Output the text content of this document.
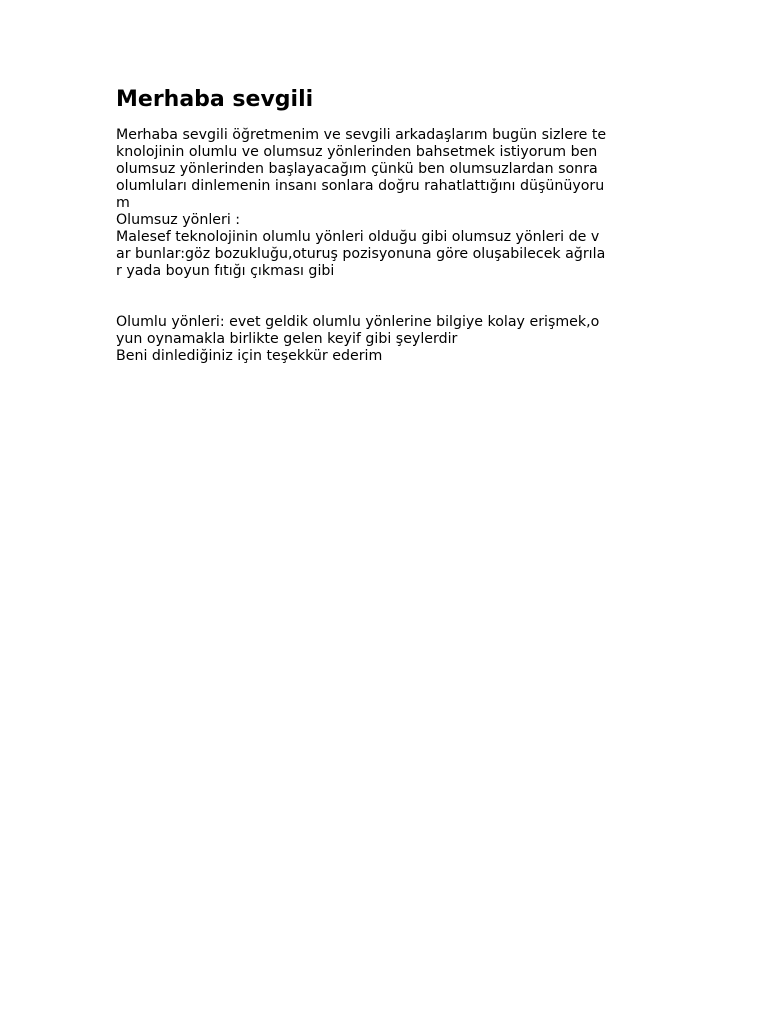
Merhaba sevgili

Merhaba sevgili öğretmenim ve sevgili arkadaşlarım bugün sizlere te

knolojinin olumlu ve olumsuz yönlerinden bahsetmek istiyorum ben

olumsuz yönlerinden başlayacağım çünkü ben olumsuzlardan sonra

olumluları dinlemenin insanı sonlara doğru rahatlattığını düşünüyoru

m

Olumsuz yönleri :

Malesef teknolojinin olumlu yönleri olduğu gibi olumsuz yönleri de v

ar bunlar:göz bozukluğu,oturuş pozisyonuna göre oluşabilecek ağrıla

r yada boyun fıtığı çıkması gibi

Olumlu yönleri: evet geldik olumlu yönlerine bilgiye kolay erişmek,o

yun oynamakla birlikte gelen keyif gibi şeylerdir

Beni dinlediğiniz için teşekkür ederim
